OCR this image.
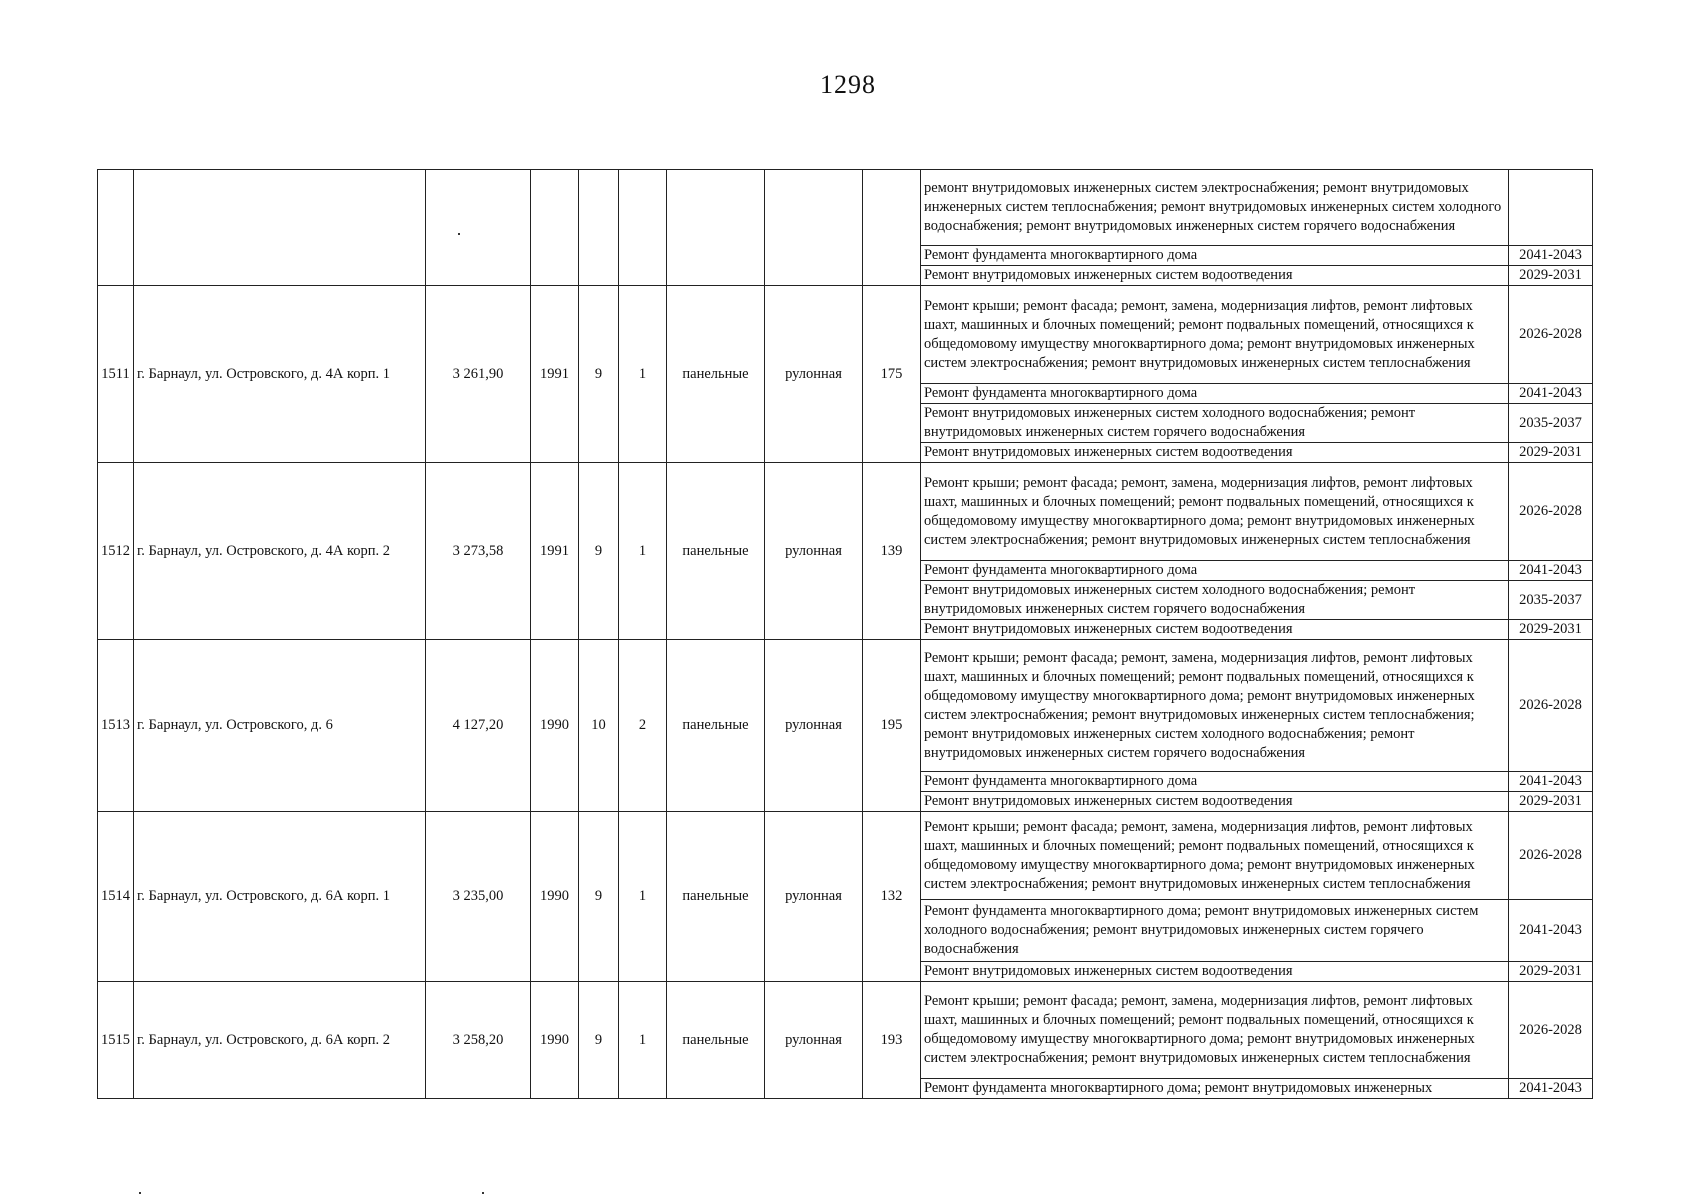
1298
									ремонт внутридомовых инженерных систем электроснабжения; ремонт внутридомовых инженерных систем теплоснабжения; ремонт внутридомовых инженерных систем холодного водоснабжения; ремонт внутридомовых инженерных систем горячего водоснабжения	
									Ремонт фундамента многоквартирного дома	2041-2043
									Ремонт внутридомовых инженерных систем водоотведения	2029-2031
1511	г. Барнаул, ул. Островского, д. 4А корп. 1	3 261,90	1991	9	1	панельные	рулонная	175	Ремонт крыши; ремонт фасада; ремонт, замена, модернизация лифтов, ремонт лифтовых шахт, машинных и блочных помещений; ремонт подвальных помещений, относящихся к общедомовому имуществу многоквартирного дома; ремонт внутридомовых инженерных систем электроснабжения; ремонт внутридомовых инженерных систем теплоснабжения	2026-2028
									Ремонт фундамента многоквартирного дома	2041-2043
									Ремонт внутридомовых инженерных систем холодного водоснабжения; ремонт внутридомовых инженерных систем горячего водоснабжения	2035-2037
									Ремонт внутридомовых инженерных систем водоотведения	2029-2031
1512	г. Барнаул, ул. Островского, д. 4А корп. 2	3 273,58	1991	9	1	панельные	рулонная	139	Ремонт крыши; ремонт фасада; ремонт, замена, модернизация лифтов, ремонт лифтовых шахт, машинных и блочных помещений; ремонт подвальных помещений, относящихся к общедомовому имуществу многоквартирного дома; ремонт внутридомовых инженерных систем электроснабжения; ремонт внутридомовых инженерных систем теплоснабжения	2026-2028
									Ремонт фундамента многоквартирного дома	2041-2043
									Ремонт внутридомовых инженерных систем холодного водоснабжения; ремонт внутридомовых инженерных систем горячего водоснабжения	2035-2037
									Ремонт внутридомовых инженерных систем водоотведения	2029-2031
1513	г. Барнаул, ул. Островского, д. 6	4 127,20	1990	10	2	панельные	рулонная	195	Ремонт крыши; ремонт фасада; ремонт, замена, модернизация лифтов, ремонт лифтовых шахт, машинных и блочных помещений; ремонт подвальных помещений, относящихся к общедомовому имуществу многоквартирного дома; ремонт внутридомовых инженерных систем электроснабжения; ремонт внутридомовых инженерных систем теплоснабжения; ремонт внутридомовых инженерных систем холодного водоснабжения; ремонт внутридомовых инженерных систем горячего водоснабжения	2026-2028
									Ремонт фундамента многоквартирного дома	2041-2043
									Ремонт внутридомовых инженерных систем водоотведения	2029-2031
1514	г. Барнаул, ул. Островского, д. 6А корп. 1	3 235,00	1990	9	1	панельные	рулонная	132	Ремонт крыши; ремонт фасада; ремонт, замена, модернизация лифтов, ремонт лифтовых шахт, машинных и блочных помещений; ремонт подвальных помещений, относящихся к общедомовому имуществу многоквартирного дома; ремонт внутридомовых инженерных систем электроснабжения; ремонт внутридомовых инженерных систем теплоснабжения	2026-2028
									Ремонт фундамента многоквартирного дома; ремонт внутридомовых инженерных систем холодного водоснабжения; ремонт внутридомовых инженерных систем горячего водоснабжения	2041-2043
									Ремонт внутридомовых инженерных систем водоотведения	2029-2031
1515	г. Барнаул, ул. Островского, д. 6А корп. 2	3 258,20	1990	9	1	панельные	рулонная	193	Ремонт крыши; ремонт фасада; ремонт, замена, модернизация лифтов, ремонт лифтовых шахт, машинных и блочных помещений; ремонт подвальных помещений, относящихся к общедомовому имуществу многоквартирного дома; ремонт внутридомовых инженерных систем электроснабжения; ремонт внутридомовых инженерных систем теплоснабжения	2026-2028
									Ремонт фундамента многоквартирного дома; ремонт внутридомовых инженерных	2041-2043
